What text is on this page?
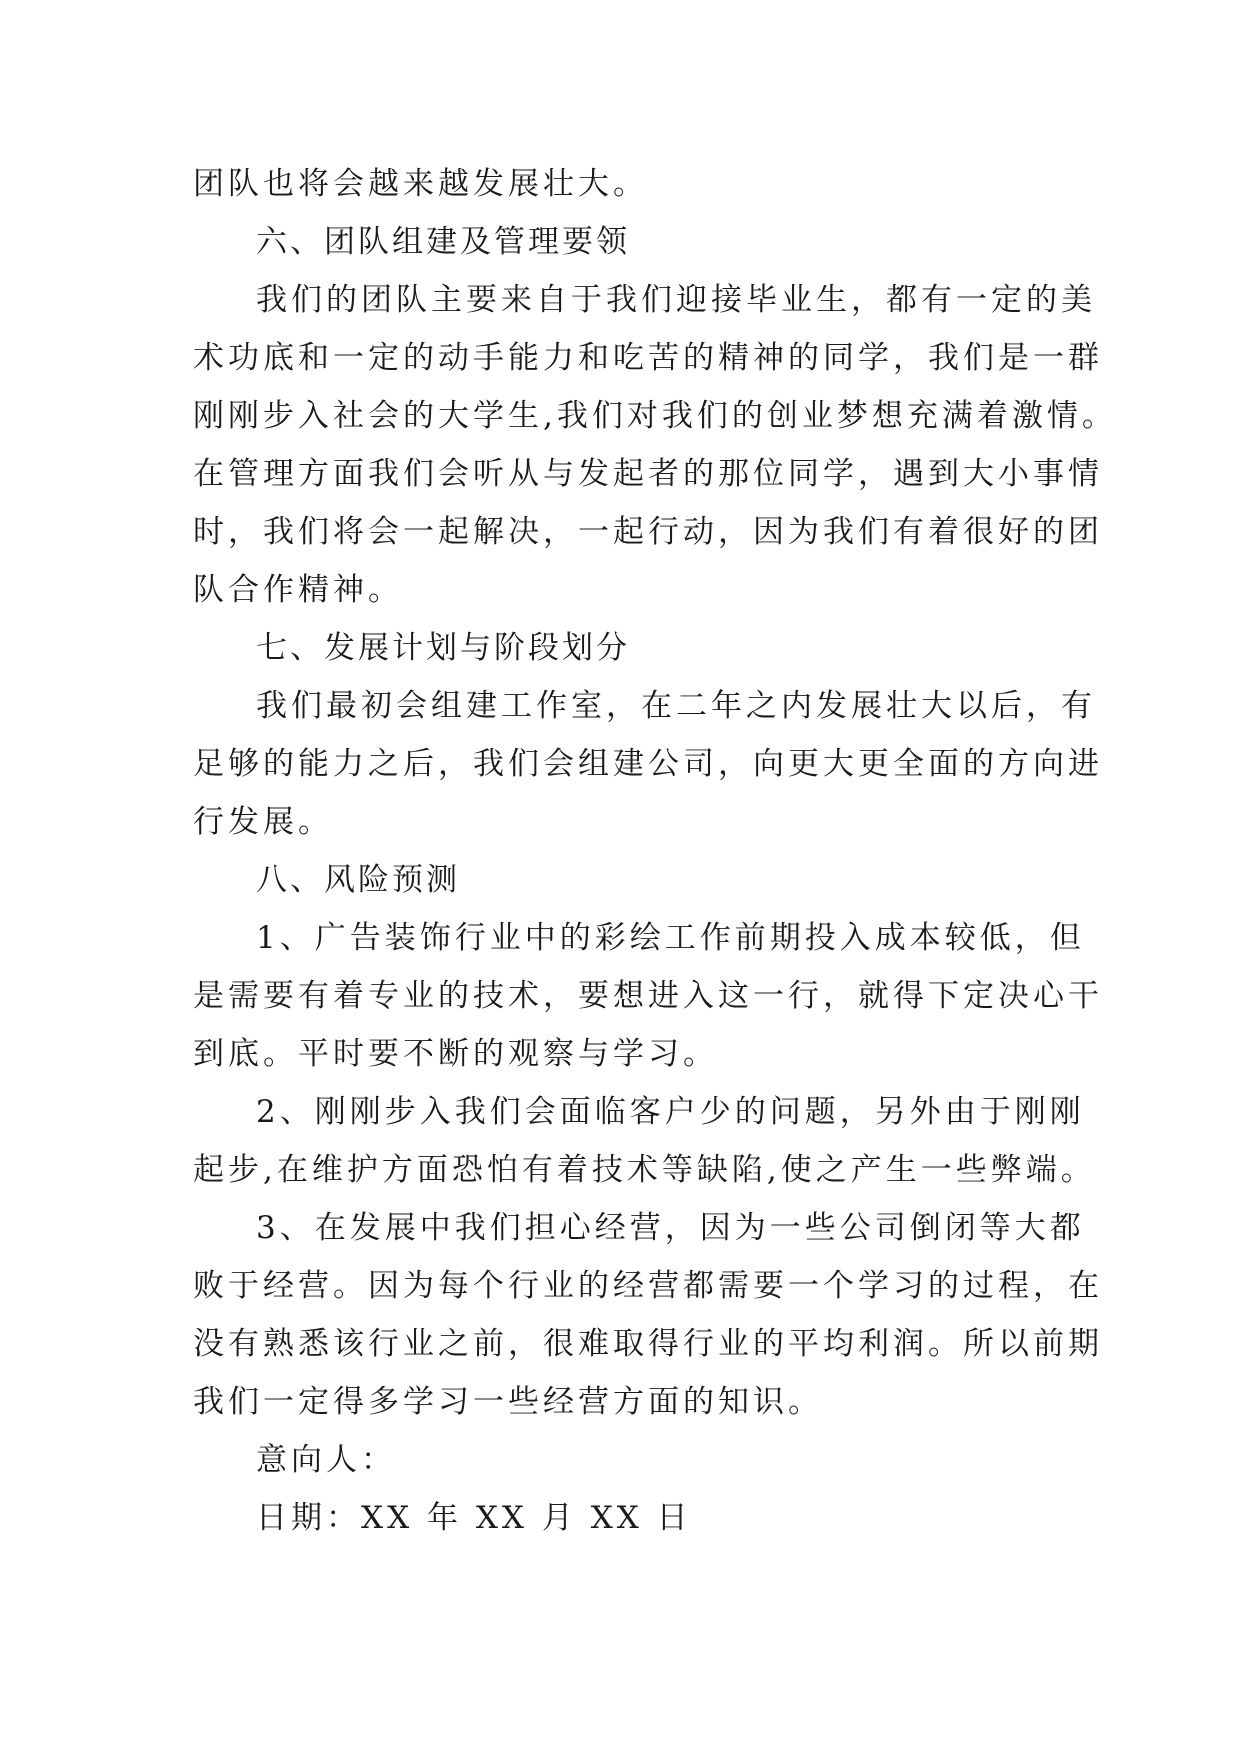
团队也将会越来越发展壮大。
六、团队组建及管理要领
我们的团队主要来自于我们迎接毕业生，都有一定的美
术功底和一定的动手能力和吃苦的精神的同学，我们是一群
刚刚步入社会的大学生,我们对我们的创业梦想充满着激情。
在管理方面我们会听从与发起者的那位同学，遇到大小事情
时，我们将会一起解决，一起行动，因为我们有着很好的团
队合作精神。
七、发展计划与阶段划分
我们最初会组建工作室，在二年之内发展壮大以后，有
足够的能力之后，我们会组建公司，向更大更全面的方向进
行发展。
八、风险预测
1、广告装饰行业中的彩绘工作前期投入成本较低，但
是需要有着专业的技术，要想进入这一行，就得下定决心干
到底。平时要不断的观察与学习。
2、刚刚步入我们会面临客户少的问题，另外由于刚刚
起步,在维护方面恐怕有着技术等缺陷,使之产生一些弊端。
3、在发展中我们担心经营，因为一些公司倒闭等大都
败于经营。因为每个行业的经营都需要一个学习的过程，在
没有熟悉该行业之前，很难取得行业的平均利润。所以前期
我们一定得多学习一些经营方面的知识。
意向人：
日期：XX 年 XX 月 XX 日
